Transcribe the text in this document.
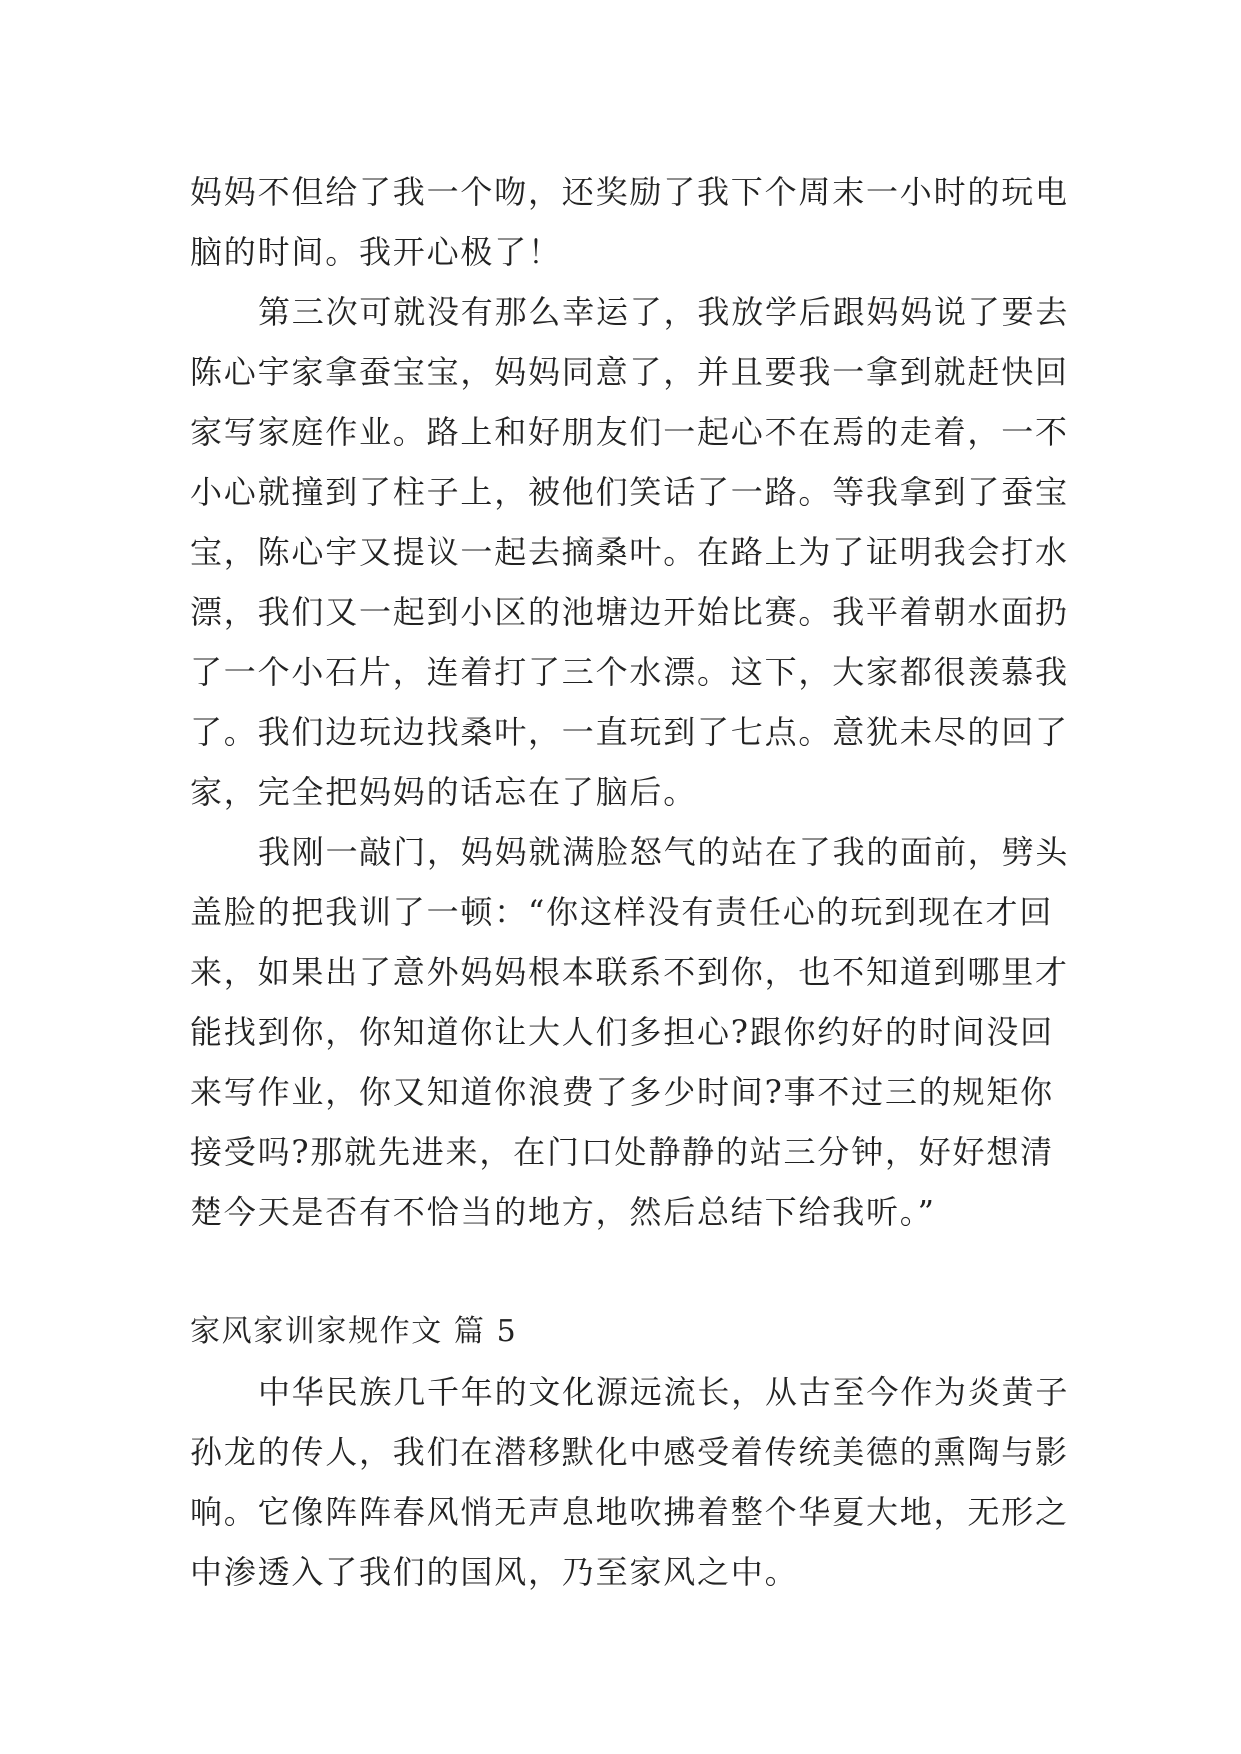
妈妈不但给了我一个吻，还奖励了我下个周末一小时的玩电
脑的时间。我开心极了！
第三次可就没有那么幸运了，我放学后跟妈妈说了要去
陈心宇家拿蚕宝宝，妈妈同意了，并且要我一拿到就赶快回
家写家庭作业。路上和好朋友们一起心不在焉的走着，一不
小心就撞到了柱子上，被他们笑话了一路。等我拿到了蚕宝
宝，陈心宇又提议一起去摘桑叶。在路上为了证明我会打水
漂，我们又一起到小区的池塘边开始比赛。我平着朝水面扔
了一个小石片，连着打了三个水漂。这下，大家都很羡慕我
了。我们边玩边找桑叶，一直玩到了七点。意犹未尽的回了
家，完全把妈妈的话忘在了脑后。
我刚一敲门，妈妈就满脸怒气的站在了我的面前，劈头
盖脸的把我训了一顿：“你这样没有责任心的玩到现在才回
来，如果出了意外妈妈根本联系不到你，也不知道到哪里才
能找到你，你知道你让大人们多担心?跟你约好的时间没回
来写作业，你又知道你浪费了多少时间?事不过三的规矩你
接受吗?那就先进来，在门口处静静的站三分钟，好好想清
楚今天是否有不恰当的地方，然后总结下给我听。”
家风家训家规作文 篇 5
中华民族几千年的文化源远流长，从古至今作为炎黄子
孙龙的传人，我们在潜移默化中感受着传统美德的熏陶与影
响。它像阵阵春风悄无声息地吹拂着整个华夏大地，无形之
中渗透入了我们的国风，乃至家风之中。
